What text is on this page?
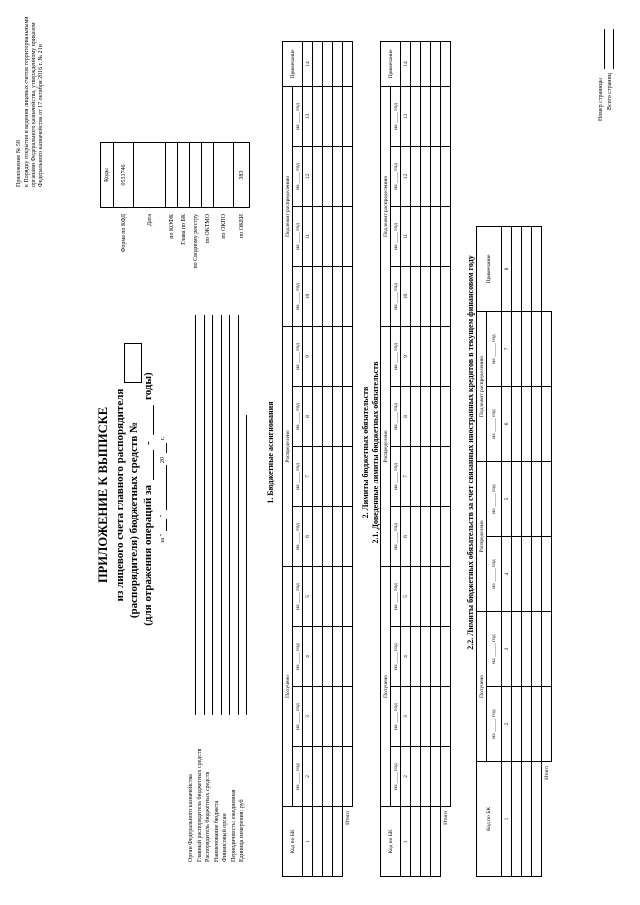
Приложение № 58 к Порядку открытия и ведения лицевых счетов территориальными органами Федерального казначейства, утвержденному приказом Федерального казначейства от 17 октября 2016 г. № 21н
ПРИЛОЖЕНИЕ К ВЫПИСКЕ из лицевого счета главного распорядителя (распорядителя) бюджетных средств № (для отражения операций за
-
годы)
за "
"
20
г.
	Коды
Форма по КФД	0531746
Дата	
по КОФК	
Глава по БК	
по Сводному реестру	
по ОКТМО	
по ОКПО	
по ОКЕИ	383
Орган Федерального казначейства Главный распорядитель бюджетных средств Распорядитель бюджетных средств Наименование бюджета Финансовый орган Периодичность: ежедневная Единица измерения: руб
1. Бюджетные ассигнования
Код по БК	Получено				Распределено				Подлежит распределению				Примечание
	на ____ год	на ____ год	на ____ год	на ____ год	на ____ год	на ____ год	на ____ год	на ____ год	на ____ год	на ____ год	на ____ год	на ____ год	
1	2	3	4	5	6	7	8	9	10	11	12	13	14

Итого													
2. Лимиты бюджетных обязательств 2.1. Доведенные лимиты бюджетных обязательств
Код по БК	Получено				Распределено				Подлежит распределению				Примечание
	на ____ год	на ____ год	на ____ год	на ____ год	на ____ год	на ____ год	на ____ год	на ____ год	на ____ год	на ____ год	на ____ год	на ____ год	
1	2	3	4	5	6	7	8	9	10	11	12	13	14

Итого													
2.2. Лимиты бюджетных обязательств за счет связанных иностранных кредитов в текущем финансовом году
Код по БК	Получено		Распределено		Подлежит распределению		Примечание
	на _____ год	на _____ год	на _____ год	на _____ год	на _____ год	на _____ год	
1	2	3	4	5	6	7	8

Итого							
Номер страницы Всего страниц
